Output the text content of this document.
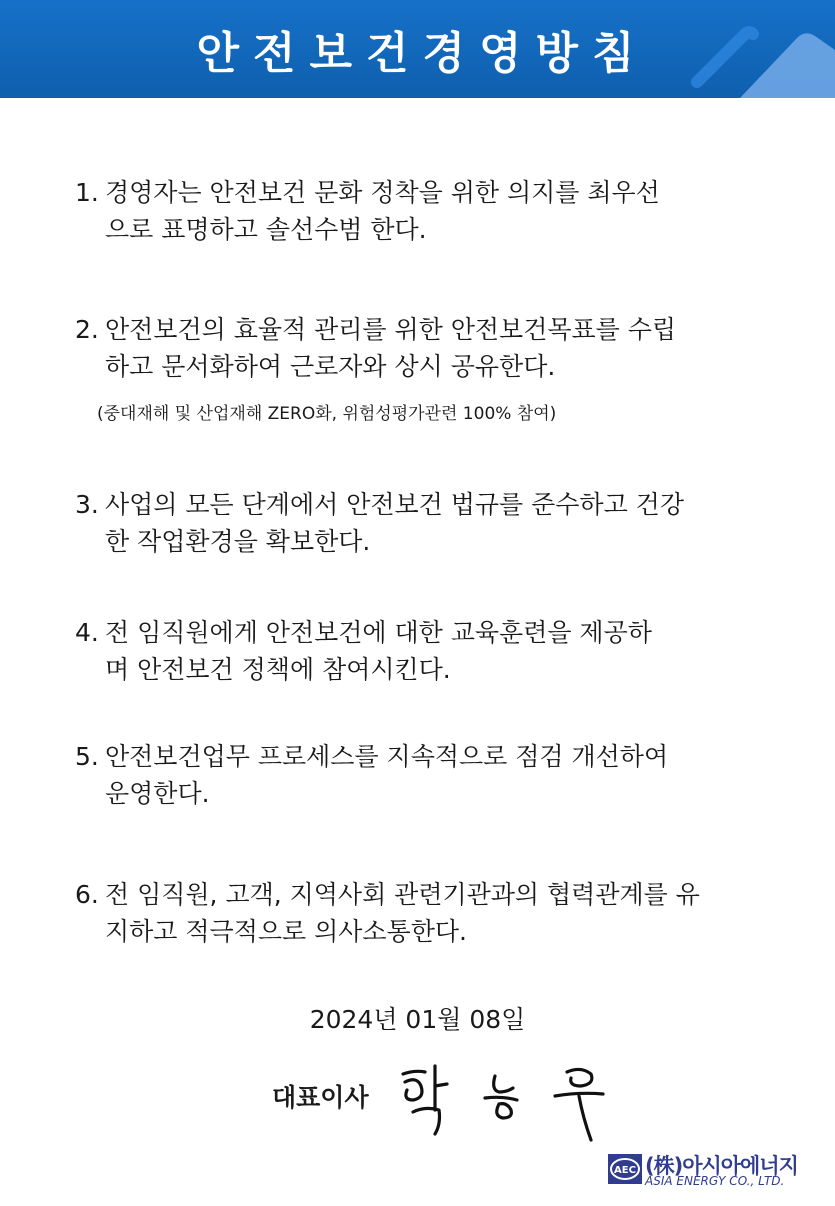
안전보건경영방침
1. 경영자는 안전보건 문화 정착을 위한 의지를 최우선
으로 표명하고 솔선수범 한다.
2. 안전보건의 효율적 관리를 위한 안전보건목표를 수립
하고 문서화하여 근로자와 상시 공유한다.
3. 사업의 모든 단계에서 안전보건 법규를 준수하고 건강
한 작업환경을 확보한다.
4. 전 임직원에게 안전보건에 대한 교육훈련을 제공하
며 안전보건 정책에 참여시킨다.
5. 안전보건업무 프로세스를 지속적으로 점검 개선하여
운영한다.
6. 전 임직원, 고객, 지역사회 관련기관과의 협력관계를 유
지하고 적극적으로 의사소통한다.
(중대재해 및 산업재해 ZERO화, 위험성평가관련 100% 참여)
2024년 01월 08일
대표이사
AEC (株)아시아에너지
ASIA ENERGY CO., LTD.
